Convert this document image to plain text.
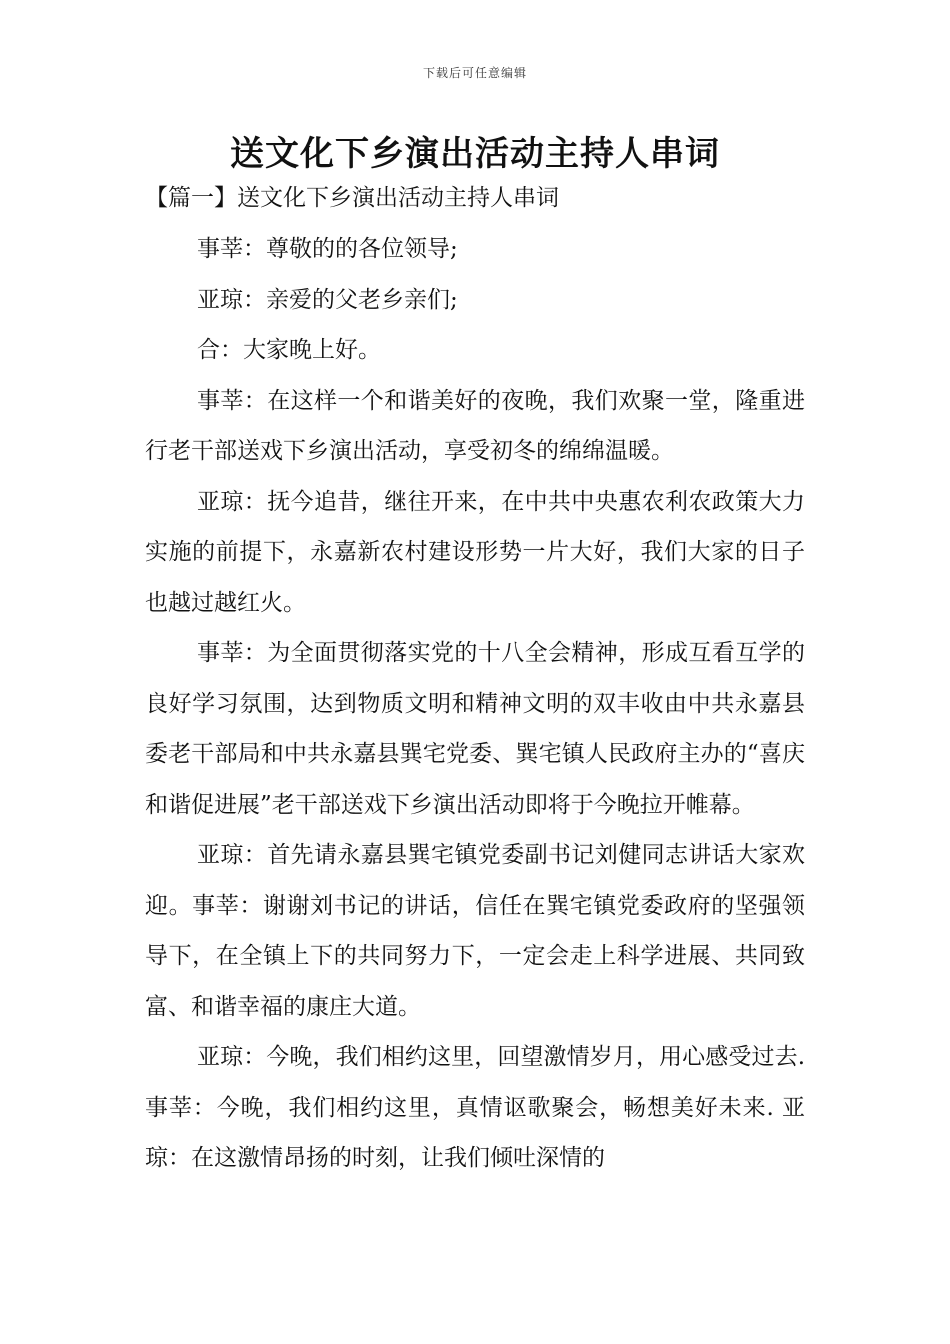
下载后可任意编辑
送文化下乡演出活动主持人串词
【篇一】送文化下乡演出活动主持人串词

事莘：尊敬的的各位领导;

亚琼：亲爱的父老乡亲们;

合：大家晚上好。

事莘：在这样一个和谐美好的夜晚，我们欢聚一堂，隆重进行老干部送戏下乡演出活动，享受初冬的绵绵温暖。

亚琼：抚今追昔，继往开来，在中共中央惠农利农政策大力实施的前提下，永嘉新农村建设形势一片大好，我们大家的日子也越过越红火。

事莘：为全面贯彻落实党的十八全会精神，形成互看互学的良好学习氛围，达到物质文明和精神文明的双丰收由中共永嘉县委老干部局和中共永嘉县巽宅党委、巽宅镇人民政府主办的“喜庆和谐促进展”老干部送戏下乡演出活动即将于今晚拉开帷幕。

亚琼：首先请永嘉县巽宅镇党委副书记刘健同志讲话大家欢迎。事莘：谢谢刘书记的讲话，信任在巽宅镇党委政府的坚强领导下，在全镇上下的共同努力下，一定会走上科学进展、共同致富、和谐幸福的康庄大道。

亚琼：今晚，我们相约这里，回望激情岁月，用心感受过去. 事莘：今晚，我们相约这里，真情讴歌聚会，畅想美好未来. 亚琼：在这激情昂扬的时刻，让我们倾吐深情的
